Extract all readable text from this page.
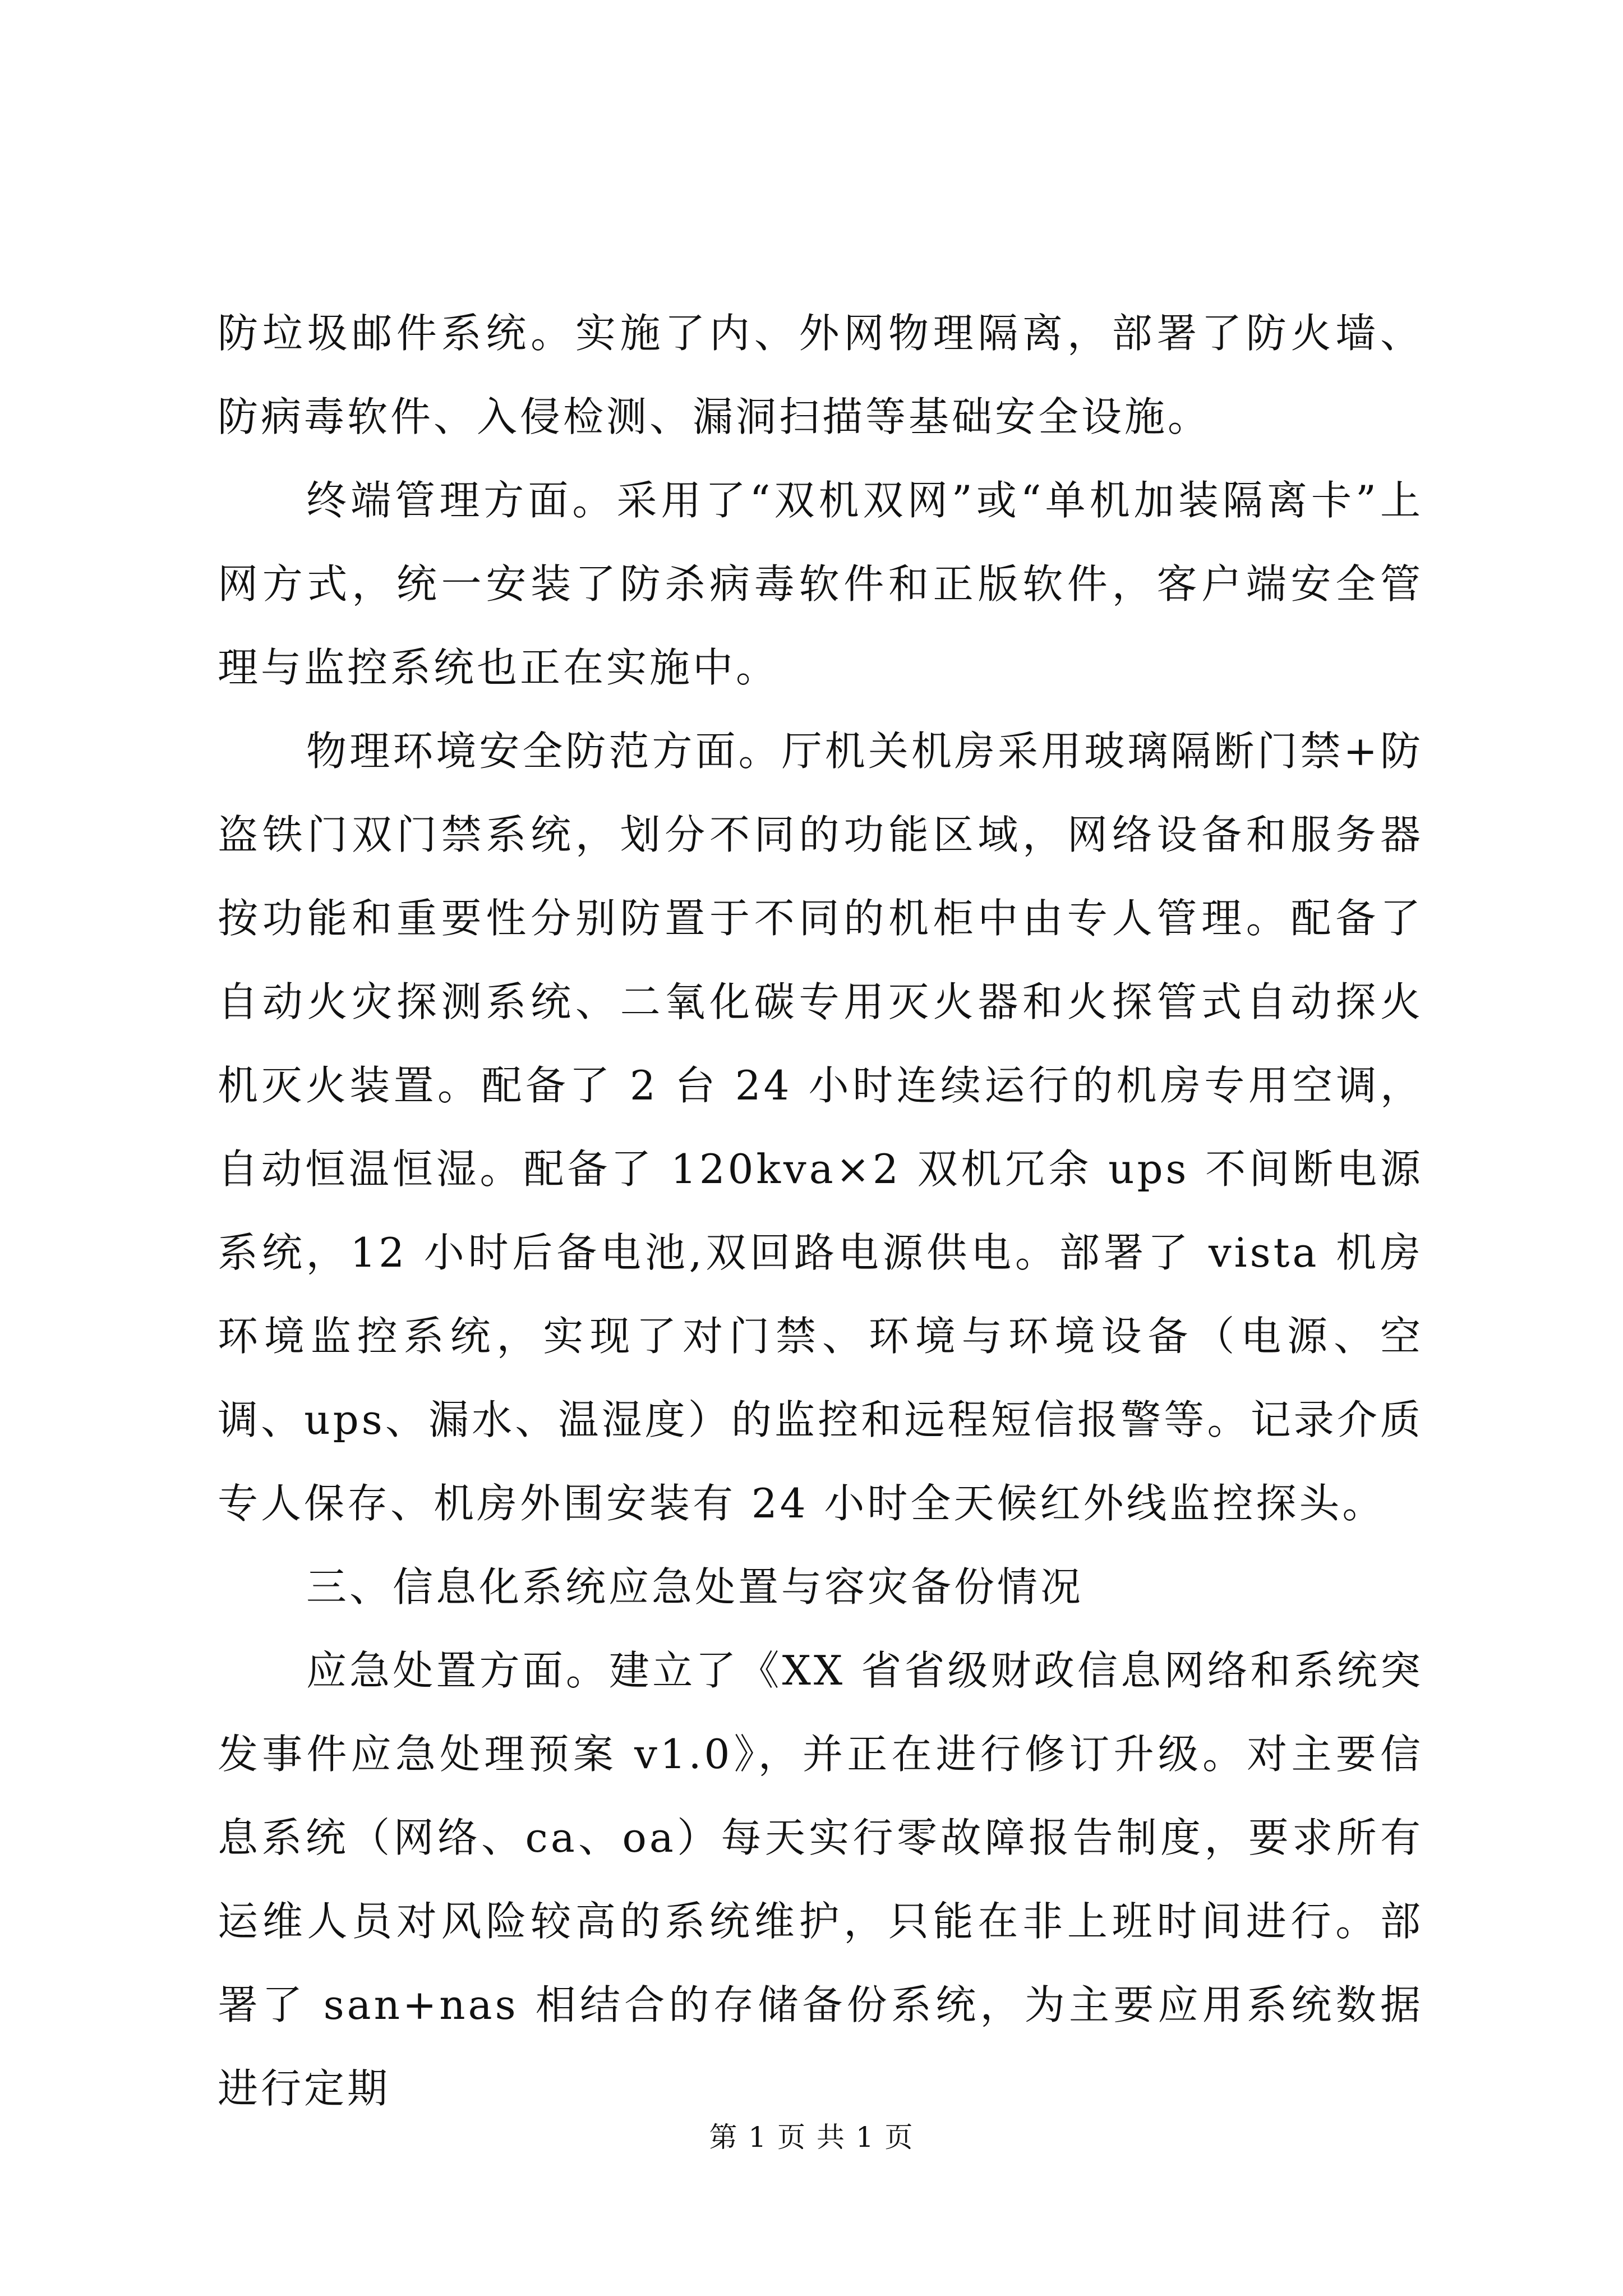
防垃圾邮件系统。实施了内、外网物理隔离，部署了防火墙、防病毒软件、入侵检测、漏洞扫描等基础安全设施。

终端管理方面。采用了“双机双网”或“单机加装隔离卡”上网方式，统一安装了防杀病毒软件和正版软件，客户端安全管理与监控系统也正在实施中。

物理环境安全防范方面。厅机关机房采用玻璃隔断门禁+防盗铁门双门禁系统，划分不同的功能区域，网络设备和服务器按功能和重要性分别防置于不同的机柜中由专人管理。配备了自动火灾探测系统、二氧化碳专用灭火器和火探管式自动探火机灭火装置。配备了 2 台 24 小时连续运行的机房专用空调，自动恒温恒湿。配备了 120kva×2 双机冗余 ups 不间断电源系统，12 小时后备电池,双回路电源供电。部署了 vista 机房环境监控系统，实现了对门禁、环境与环境设备（电源、空调、ups、漏水、温湿度）的监控和远程短信报警等。记录介质专人保存、机房外围安装有 24 小时全天候红外线监控探头。

三、信息化系统应急处置与容灾备份情况

应急处置方面。建立了《XX 省省级财政信息网络和系统突发事件应急处理预案 v1.0》，并正在进行修订升级。对主要信息系统（网络、ca、oa）每天实行零故障报告制度，要求所有运维人员对风险较高的系统维护，只能在非上班时间进行。部署了 san+nas 相结合的存储备份系统，为主要应用系统数据进行定期

第 1 页 共 1 页
